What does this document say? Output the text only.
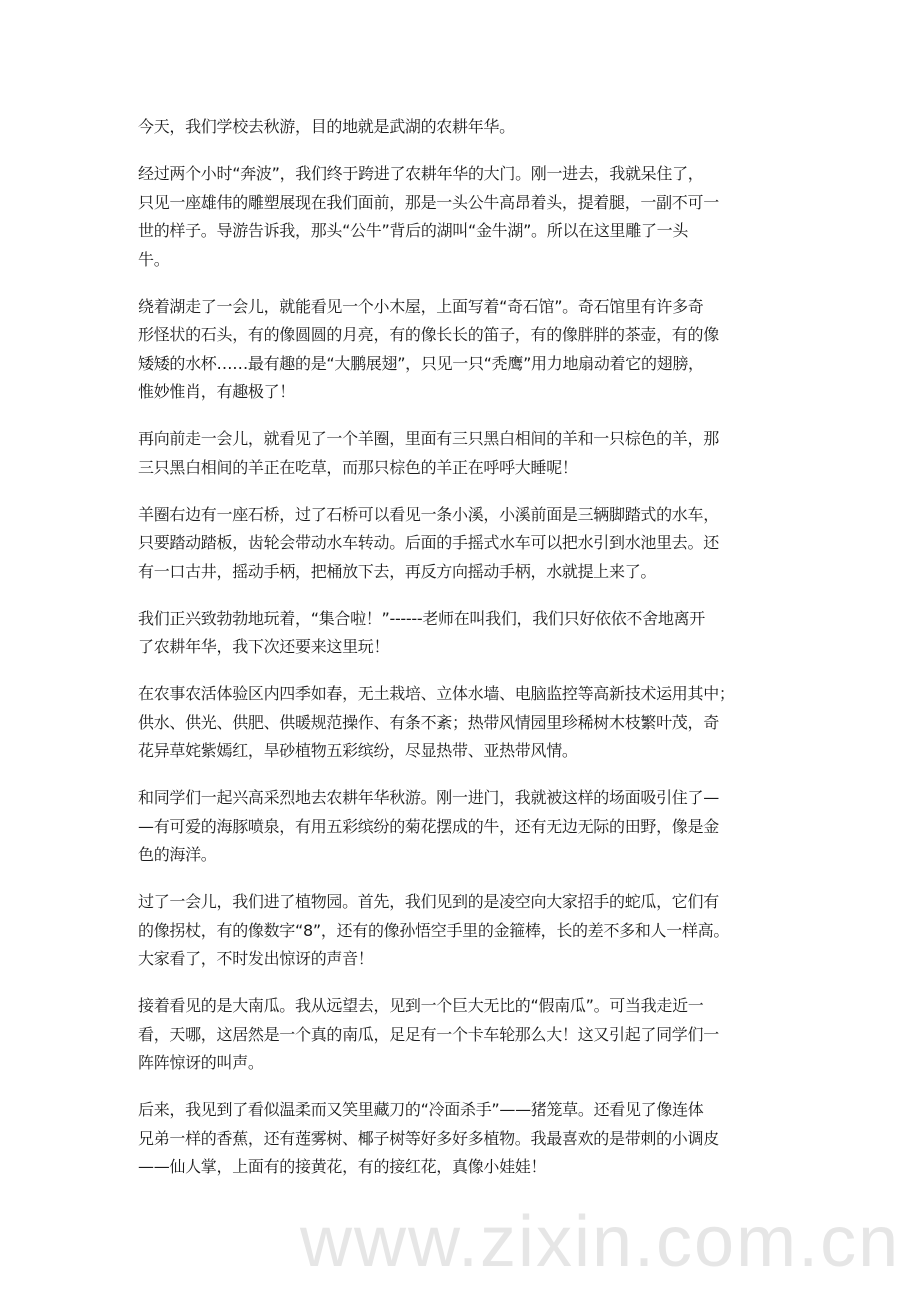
www.zixin.com.cn
今天，我们学校去秋游，目的地就是武湖的农耕年华。
经过两个小时“奔波”，我们终于跨进了农耕年华的大门。刚一进去，我就呆住了，
只见一座雄伟的雕塑展现在我们面前，那是一头公牛高昂着头，提着腿，一副不可一
世的样子。导游告诉我，那头“公牛”背后的湖叫“金牛湖”。所以在这里雕了一头
牛。
绕着湖走了一会儿，就能看见一个小木屋，上面写着“奇石馆”。奇石馆里有许多奇
形怪状的石头，有的像圆圆的月亮，有的像长长的笛子，有的像胖胖的茶壶，有的像
矮矮的水杯……最有趣的是“大鹏展翅”，只见一只“秃鹰”用力地扇动着它的翅膀，
惟妙惟肖，有趣极了！
再向前走一会儿，就看见了一个羊圈，里面有三只黑白相间的羊和一只棕色的羊，那
三只黑白相间的羊正在吃草，而那只棕色的羊正在呼呼大睡呢！
羊圈右边有一座石桥，过了石桥可以看见一条小溪，小溪前面是三辆脚踏式的水车，
只要踏动踏板，齿轮会带动水车转动。后面的手摇式水车可以把水引到水池里去。还
有一口古井，摇动手柄，把桶放下去，再反方向摇动手柄，水就提上来了。
我们正兴致勃勃地玩着，“集合啦！”------老师在叫我们，我们只好依依不舍地离开
了农耕年华，我下次还要来这里玩！
在农事农活体验区内四季如春，无土栽培、立体水墙、电脑监控等高新技术运用其中；
供水、供光、供肥、供暖规范操作、有条不紊；热带风情园里珍稀树木枝繁叶茂，奇
花异草姹紫嫣红，旱砂植物五彩缤纷，尽显热带、亚热带风情。
和同学们一起兴高采烈地去农耕年华秋游。刚一进门，我就被这样的场面吸引住了—
—有可爱的海豚喷泉，有用五彩缤纷的菊花摆成的牛，还有无边无际的田野，像是金
色的海洋。
过了一会儿，我们进了植物园。首先，我们见到的是凌空向大家招手的蛇瓜，它们有
的像拐杖，有的像数字“8”，还有的像孙悟空手里的金箍棒，长的差不多和人一样高。
大家看了，不时发出惊讶的声音！
接着看见的是大南瓜。我从远望去，见到一个巨大无比的“假南瓜”。可当我走近一
看，天哪，这居然是一个真的南瓜，足足有一个卡车轮那么大！这又引起了同学们一
阵阵惊讶的叫声。
后来，我见到了看似温柔而又笑里藏刀的“冷面杀手”——猪笼草。还看见了像连体
兄弟一样的香蕉，还有莲雾树、椰子树等好多好多植物。我最喜欢的是带刺的小调皮
——仙人掌，上面有的接黄花，有的接红花，真像小娃娃！
